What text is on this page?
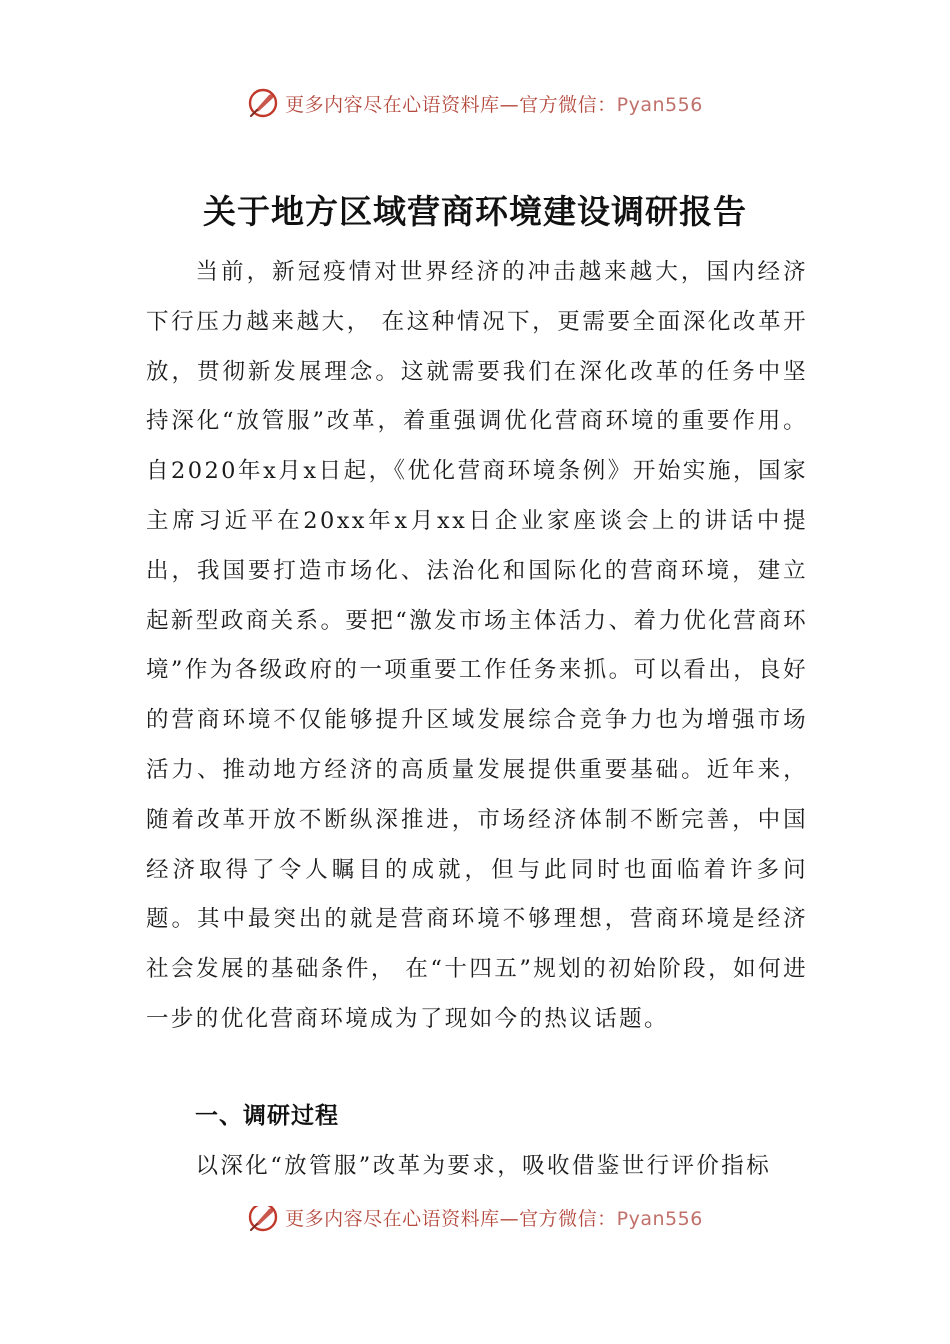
更多内容尽在心语资料库—官方微信：Pyan556
关于地方区域营商环境建设调研报告

当前，新冠疫情对世界经济的冲击越来越大，国内经济下行压力越来越大， 在这种情况下，更需要全面深化改革开放，贯彻新发展理念。这就需要我们在深化改革的任务中坚持深化“放管服”改革，着重强调优化营商环境的重要作用。自2020年x月x日起，《优化营商环境条例》开始实施，国家主席习近平在20xx年x月xx日企业家座谈会上的讲话中提出，我国要打造市场化、法治化和国际化的营商环境，建立起新型政商关系。要把“激发市场主体活力、着力优化营商环境”作为各级政府的一项重要工作任务来抓。可以看出，良好的营商环境不仅能够提升区域发展综合竞争力也为增强市场活力、推动地方经济的高质量发展提供重要基础。近年来，随着改革开放不断纵深推进，市场经济体制不断完善，中国经济取得了令人瞩目的成就，但与此同时也面临着许多问题。其中最突出的就是营商环境不够理想，营商环境是经济社会发展的基础条件， 在“十四五”规划的初始阶段，如何进一步的优化营商环境成为了现如今的热议话题。

一、调研过程

以深化“放管服”改革为要求，吸收借鉴世行评价指标

更多内容尽在心语资料库—官方微信：Pyan556
